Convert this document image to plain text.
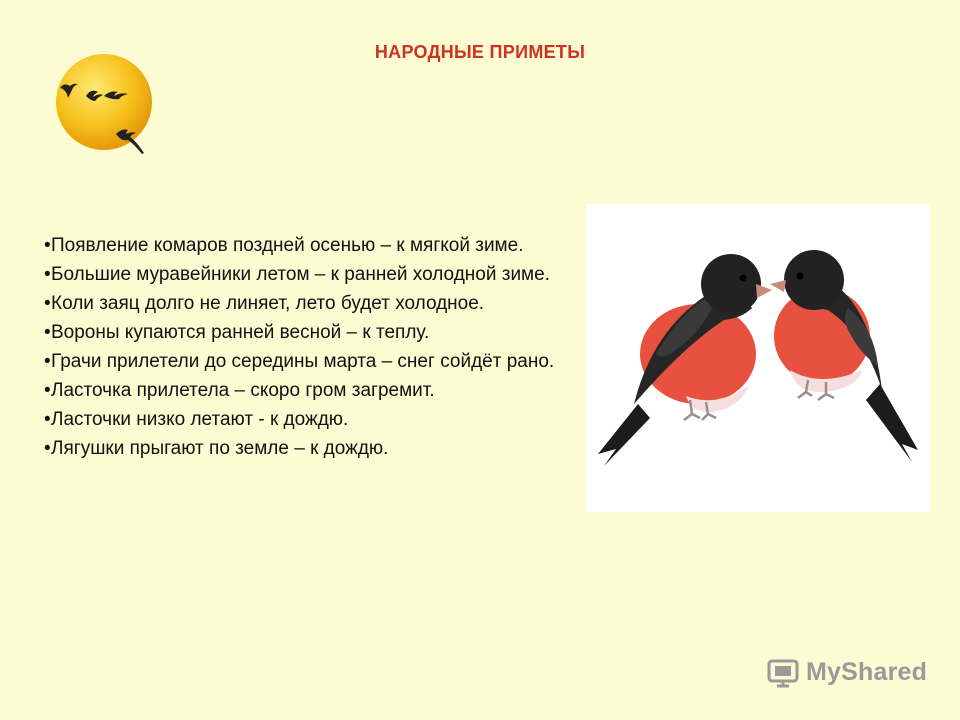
НАРОДНЫЕ ПРИМЕТЫ
•Появление комаров поздней осенью – к мягкой зиме.
•Большие муравейники летом – к ранней холодной зиме.
•Коли заяц долго не линяет, лето будет холодное.
•Вороны купаются ранней весной – к теплу.
•Грачи прилетели до середины марта – снег сойдёт рано.
•Ласточка прилетела – скоро гром загремит.
•Ласточки низко летают - к дождю.
•Лягушки прыгают по земле – к дождю.
MyShared
